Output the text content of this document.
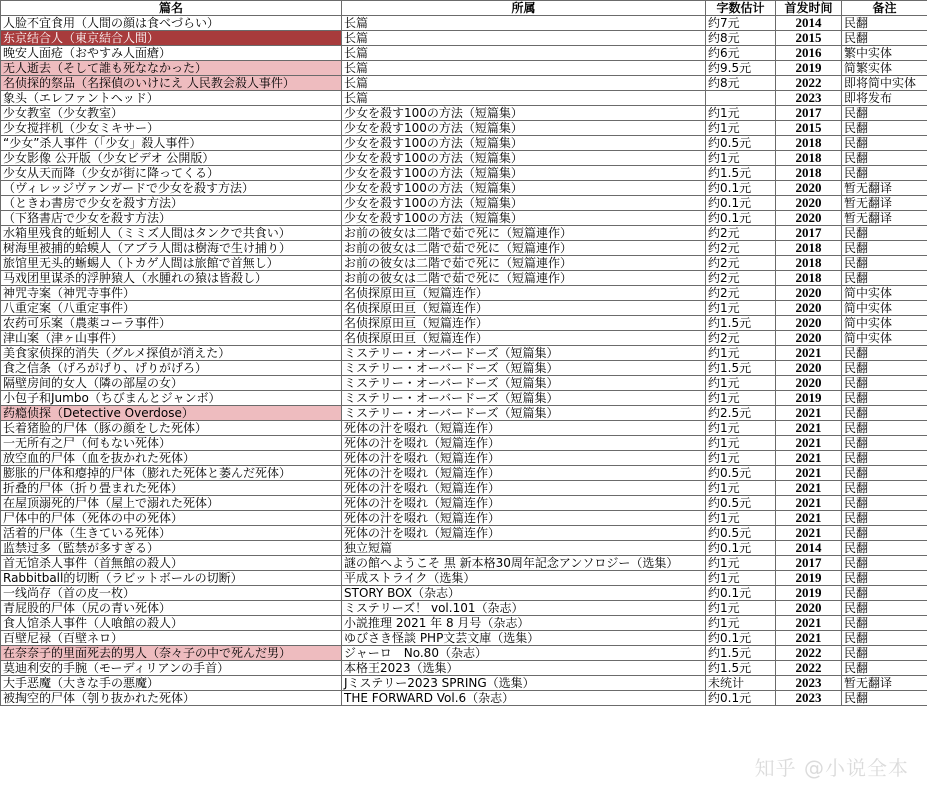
篇名	所属	字数估计	首发时间	备注
人脸不宜食用（人間の顔は食べづらい）	长篇	约7元	2014	民翻
东京结合人（東京結合人間）	长篇	约8元	2015	民翻
晚安人面疮（おやすみ人面瘡）	长篇	约6元	2016	繁中实体
无人逝去（そして誰も死ななかった）	长篇	约9.5元	2019	简繁实体
名侦探的祭品（名探偵のいけにえ 人民教会殺人事件）	长篇	约8元	2022	即将简中实体
象头（エレファントヘッド）	长篇		2023	即将发布
少女教室（少女教室）	少女を殺す100の方法（短篇集）	约1元	2017	民翻
少女搅拌机（少女ミキサー）	少女を殺す100の方法（短篇集）	约1元	2015	民翻
“少女”杀人事件（「少女」殺人事件）	少女を殺す100の方法（短篇集）	约0.5元	2018	民翻
少女影像 公开版（少女ビデオ 公開版）	少女を殺す100の方法（短篇集）	约1元	2018	民翻
少女从天而降（少女が街に降ってくる）	少女を殺す100の方法（短篇集）	约1.5元	2018	民翻
（ヴィレッジヴァンガードで少女を殺す方法）	少女を殺す100の方法（短篇集）	约0.1元	2020	暂无翻译
（ときわ書房で少女を殺す方法）	少女を殺す100の方法（短篇集）	约0.1元	2020	暂无翻译
（下狢書店で少女を殺す方法）	少女を殺す100の方法（短篇集）	约0.1元	2020	暂无翻译
水箱里残食的蚯蚓人（ミミズ人間はタンクで共食い）	お前の彼女は二階で茹で死に（短篇連作）	约2元	2017	民翻
树海里被捕的蛤蟆人（アブラ人間は樹海で生け捕り）	お前の彼女は二階で茹で死に（短篇連作）	约2元	2018	民翻
旅馆里无头的蜥蜴人（トカゲ人間は旅館で首無し）	お前の彼女は二階で茹で死に（短篇連作）	约2元	2018	民翻
马戏团里谋杀的浮肿猿人（水腫れの猿は皆殺し）	お前の彼女は二階で茹で死に（短篇連作）	约2元	2018	民翻
神咒寺案（神咒寺事件）	名侦探原田亘（短篇连作）	约2元	2020	简中实体
八重定案（八重定事件）	名侦探原田亘（短篇连作）	约1元	2020	简中实体
农药可乐案（農薬コーラ事件）	名侦探原田亘（短篇连作）	约1.5元	2020	简中实体
津山案（津ヶ山事件）	名侦探原田亘（短篇连作）	约2元	2020	简中实体
美食家侦探的消失（グルメ探偵が消えた）	ミステリー・オーバードーズ（短篇集）	约1元	2021	民翻
食之信条（げろがげり、げりがげろ）	ミステリー・オーバードーズ（短篇集）	约1.5元	2020	民翻
隔壁房间的女人（隣の部屋の女）	ミステリー・オーバードーズ（短篇集）	约1元	2020	民翻
小包子和Jumbo（ちびまんとジャンボ）	ミステリー・オーバードーズ（短篇集）	约1元	2019	民翻
药瘾侦探（Detective Overdose）	ミステリー・オーバードーズ（短篇集）	约2.5元	2021	民翻
长着猪脸的尸体（豚の顔をした死体）	死体の汁を啜れ（短篇连作）	约1元	2021	民翻
一无所有之尸（何もない死体）	死体の汁を啜れ（短篇连作）	约1元	2021	民翻
放空血的尸体（血を抜かれた死体）	死体の汁を啜れ（短篇连作）	约1元	2021	民翻
膨胀的尸体和瘪掉的尸体（膨れた死体と萎んだ死体）	死体の汁を啜れ（短篇连作）	约0.5元	2021	民翻
折叠的尸体（折り畳まれた死体）	死体の汁を啜れ（短篇连作）	约1元	2021	民翻
在屋顶溺死的尸体（屋上で溺れた死体）	死体の汁を啜れ（短篇连作）	约0.5元	2021	民翻
尸体中的尸体（死体の中の死体）	死体の汁を啜れ（短篇连作）	约1元	2021	民翻
活着的尸体（生きている死体）	死体の汁を啜れ（短篇连作）	约0.5元	2021	民翻
监禁过多（監禁が多すぎる）	独立短篇	约0.1元	2014	民翻
首无馆杀人事件（首無館の殺人）	謎の館へようこそ 黒 新本格30周年記念アンソロジー（选集）	约1元	2017	民翻
Rabbitball的切断（ラビットボールの切断）	平成ストライク（选集）	约1元	2019	民翻
一线尚存（首の皮一枚）	STORY BOX（杂志）	约0.1元	2019	民翻
青屁股的尸体（尻の青い死体）	ミステリーズ！ vol.101（杂志）	约1元	2020	民翻
食人馆杀人事件（人喰館の殺人）	小説推理 2021 年 8 月号（杂志）	约1元	2021	民翻
百壁尼禄（百壁ネロ）	ゆびさき怪談 PHP文芸文庫（选集）	约0.1元	2021	民翻
在奈奈子的里面死去的男人（奈々子の中で死んだ男）	ジャーロ　No.80（杂志）	约1.5元	2022	民翻
莫迪利安的手腕（モーディリアンの手首）	本格王2023（选集）	约1.5元	2022	民翻
大手恶魔（大きな手の悪魔）	Jミステリー2023 SPRING（选集）	未统计	2023	暂无翻译
被掏空的尸体（刳り抜かれた死体）	THE FORWARD Vol.6（杂志）	约0.1元	2023	民翻
知乎 @小说全本
